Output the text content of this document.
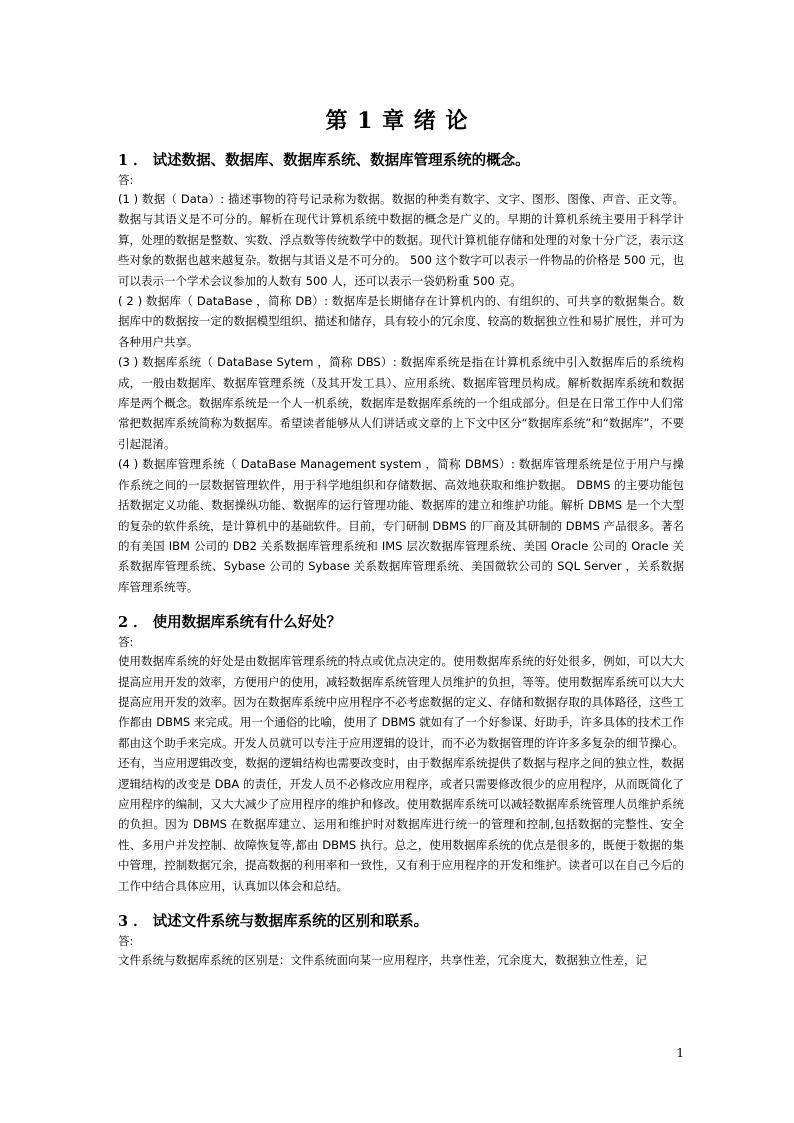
第 1 章 绪 论
1 ． 试述数据、数据库、数据库系统、数据库管理系统的概念。
答:

(1 ) 数据（ Data）: 描述事物的符号记录称为数据。数据的种类有数字、文字、图形、图像、声音、正文等。数据与其语义是不可分的。解析在现代计算机系统中数据的概念是广义的。早期的计算机系统主要用于科学计算，处理的数据是整数、实数、浮点数等传统数学中的数据。现代计算机能存储和处理的对象十分广泛，表示这些对象的数据也越来越复杂。数据与其语义是不可分的。 500 这个数字可以表示一件物品的价格是 500 元，也可以表示一个学术会议参加的人数有 500 人，还可以表示一袋奶粉重 500 克。

( 2 ) 数据库（ DataBase ，简称 DB）: 数据库是长期储存在计算机内的、有组织的、可共享的数据集合。数据库中的数据按一定的数据模型组织、描述和储存，具有较小的冗余度、较高的数据独立性和易扩展性，并可为各种用户共享。

(3 ) 数据库系统（ DataBase Sytem ，简称 DBS）: 数据库系统是指在计算机系统中引入数据库后的系统构成，一般由数据库、数据库管理系统（及其开发工具）、应用系统、数据库管理员构成。解析数据库系统和数据库是两个概念。数据库系统是一个人一机系统，数据库是数据库系统的一个组成部分。但是在日常工作中人们常常把数据库系统简称为数据库。希望读者能够从人们讲话或文章的上下文中区分“数据库系统”和“数据库”，不要引起混淆。

(4 ) 数据库管理系统（ DataBase Management system ，简称 DBMS）: 数据库管理系统是位于用户与操作系统之间的一层数据管理软件，用于科学地组织和存储数据、高效地获取和维护数据。 DBMS 的主要功能包括数据定义功能、数据操纵功能、数据库的运行管理功能、数据库的建立和维护功能。解析 DBMS 是一个大型的复杂的软件系统，是计算机中的基础软件。目前，专门研制 DBMS 的厂商及其研制的 DBMS 产品很多。著名的有美国 IBM 公司的 DB2 关系数据库管理系统和 IMS 层次数据库管理系统、美国 Oracle 公司的 Oracle 关系数据库管理系统、Sybase 公司的 Sybase 关系数据库管理系统、美国微软公司的 SQL Server ，关系数据库管理系统等。

2 ． 使用数据库系统有什么好处？
答:

使用数据库系统的好处是由数据库管理系统的特点或优点决定的。使用数据库系统的好处很多，例如，可以大大提高应用开发的效率，方便用户的使用，减轻数据库系统管理人员维护的负担，等等。使用数据库系统可以大大提高应用开发的效率。因为在数据库系统中应用程序不必考虑数据的定义、存储和数据存取的具体路径，这些工作都由 DBMS 来完成。用一个通俗的比喻，使用了 DBMS 就如有了一个好参谋、好助手，许多具体的技术工作都由这个助手来完成。开发人员就可以专注于应用逻辑的设计，而不必为数据管理的许许多多复杂的细节操心。还有，当应用逻辑改变，数据的逻辑结构也需要改变时，由于数据库系统提供了数据与程序之间的独立性，数据逻辑结构的改变是 DBA 的责任，开发人员不必修改应用程序，或者只需要修改很少的应用程序，从而既简化了应用程序的编制，又大大减少了应用程序的维护和修改。使用数据库系统可以减轻数据库系统管理人员维护系统的负担。因为 DBMS 在数据库建立、运用和维护时对数据库进行统一的管理和控制,包括数据的完整性、安全性、多用户并发控制、故障恢复等,都由 DBMS 执行。总之，使用数据库系统的优点是很多的，既便于数据的集中管理，控制数据冗余，提高数据的利用率和一致性，又有利于应用程序的开发和维护。读者可以在自己今后的工作中结合具体应用，认真加以体会和总结。

3 ． 试述文件系统与数据库系统的区别和联系。
答:

文件系统与数据库系统的区别是：文件系统面向某一应用程序，共享性差，冗余度大，数据独立性差，记

1
